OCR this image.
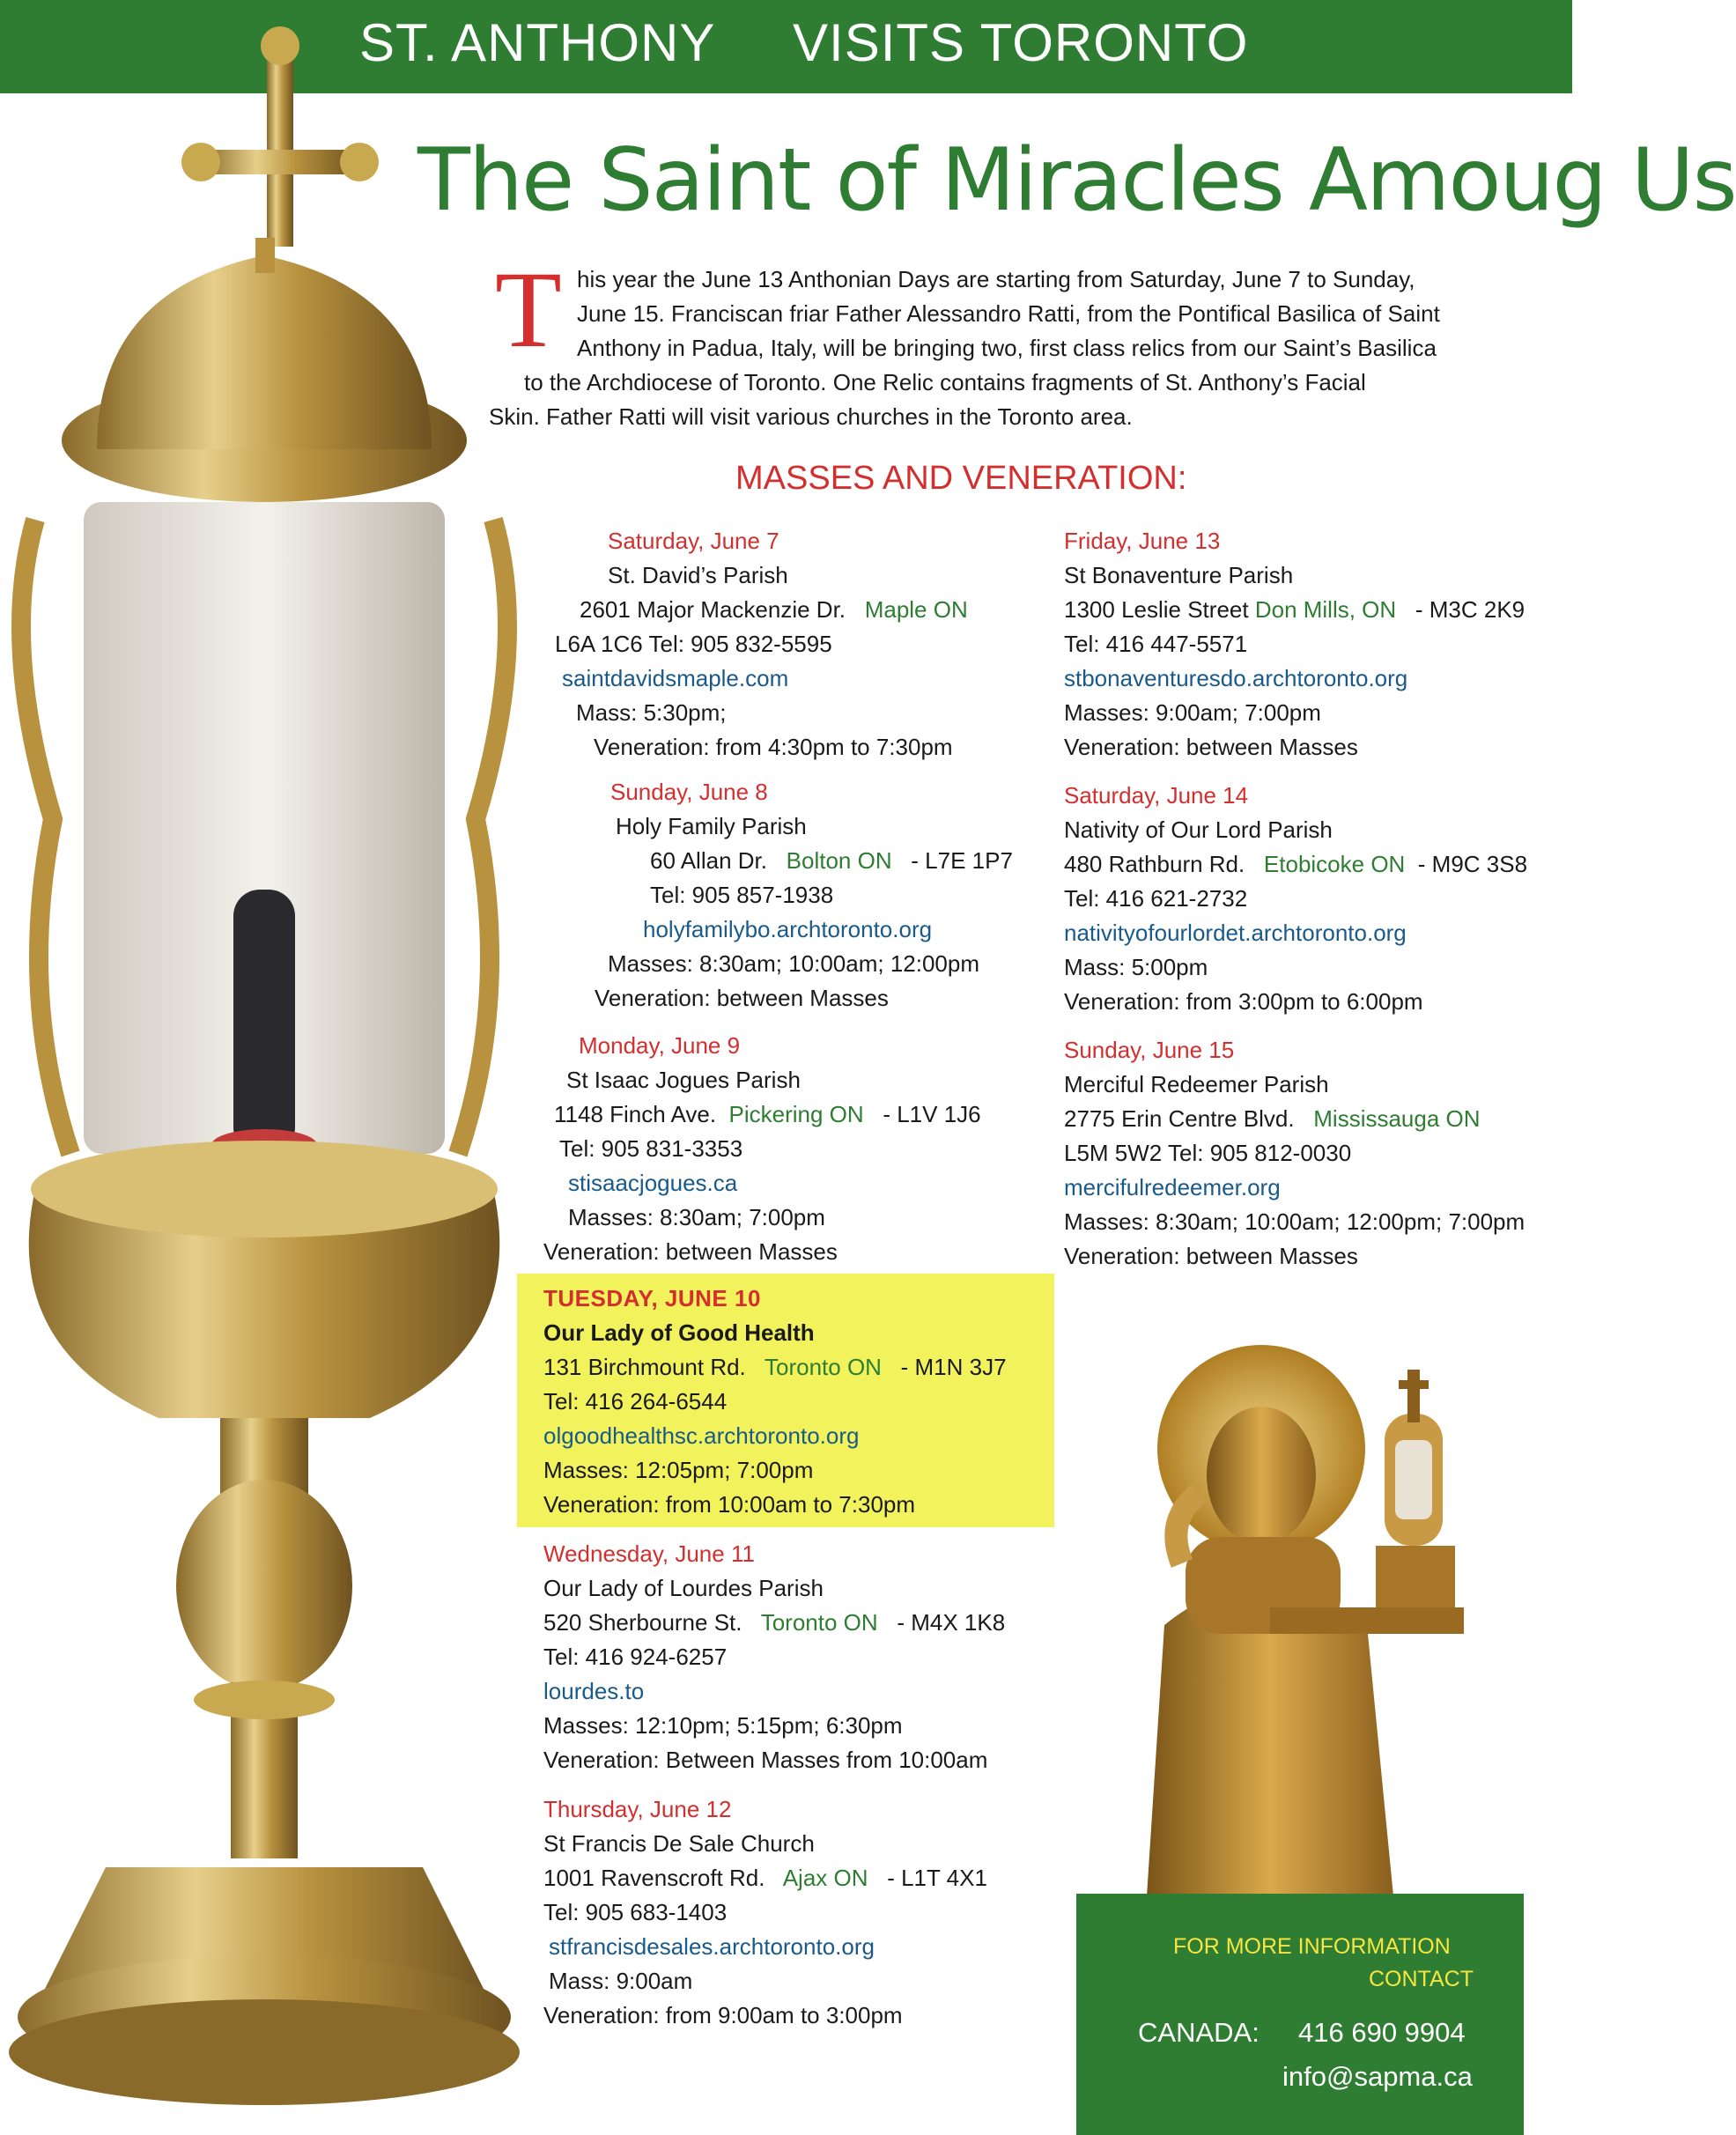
ST. ANTHONY VISITS TORONTO
The Saint of Miracles Amoug Us
T his year the June 13 Anthonian Days are starting from Saturday, June 7 to Sunday,
June 15. Franciscan friar Father Alessandro Ratti, from the Pontifical Basilica of Saint
Anthony in Padua, Italy, will be bringing two, first class relics from our Saint’s Basilica
to the Archdiocese of Toronto. One Relic contains fragments of St. Anthony’s Facial
Skin. Father Ratti will visit various churches in the Toronto area.
MASSES AND VENERATION:
Saturday, June 7
St. David’s Parish
2601 Major Mackenzie Dr. Maple ON
L6A 1C6 Tel: 905 832-5595
saintdavidsmaple.com
Mass: 5:30pm;
Veneration: from 4:30pm to 7:30pm
Sunday, June 8
Holy Family Parish
60 Allan Dr. Bolton ON - L7E 1P7
Tel: 905 857-1938
holyfamilybo.archtoronto.org
Masses: 8:30am; 10:00am; 12:00pm
Veneration: between Masses
Monday, June 9
St Isaac Jogues Parish
1148 Finch Ave. Pickering ON - L1V 1J6
Tel: 905 831-3353
stisaacjogues.ca
Masses: 8:30am; 7:00pm
Veneration: between Masses
TUESDAY, JUNE 10
Our Lady of Good Health
131 Birchmount Rd. Toronto ON - M1N 3J7
Tel: 416 264-6544
olgoodhealthsc.archtoronto.org
Masses: 12:05pm; 7:00pm
Veneration: from 10:00am to 7:30pm
Wednesday, June 11
Our Lady of Lourdes Parish
520 Sherbourne St. Toronto ON - M4X 1K8
Tel: 416 924-6257
lourdes.to
Masses: 12:10pm; 5:15pm; 6:30pm
Veneration: Between Masses from 10:00am
Thursday, June 12
St Francis De Sale Church
1001 Ravenscroft Rd. Ajax ON - L1T 4X1
Tel: 905 683-1403
stfrancisdesales.archtoronto.org
Mass: 9:00am
Veneration: from 9:00am to 3:00pm
Friday, June 13
St Bonaventure Parish
1300 Leslie Street Don Mills, ON - M3C 2K9
Tel: 416 447-5571
stbonaventuresdo.archtoronto.org
Masses: 9:00am; 7:00pm
Veneration: between Masses
Saturday, June 14
Nativity of Our Lord Parish
480 Rathburn Rd. Etobicoke ON - M9C 3S8
Tel: 416 621-2732
nativityofourlordet.archtoronto.org
Mass: 5:00pm
Veneration: from 3:00pm to 6:00pm
Sunday, June 15
Merciful Redeemer Parish
2775 Erin Centre Blvd. Mississauga ON
L5M 5W2 Tel: 905 812-0030
mercifulredeemer.org
Masses: 8:30am; 10:00am; 12:00pm; 7:00pm
Veneration: between Masses
FOR MORE INFORMATION
CONTACT
CANADA: 416 690 9904
info@sapma.ca
